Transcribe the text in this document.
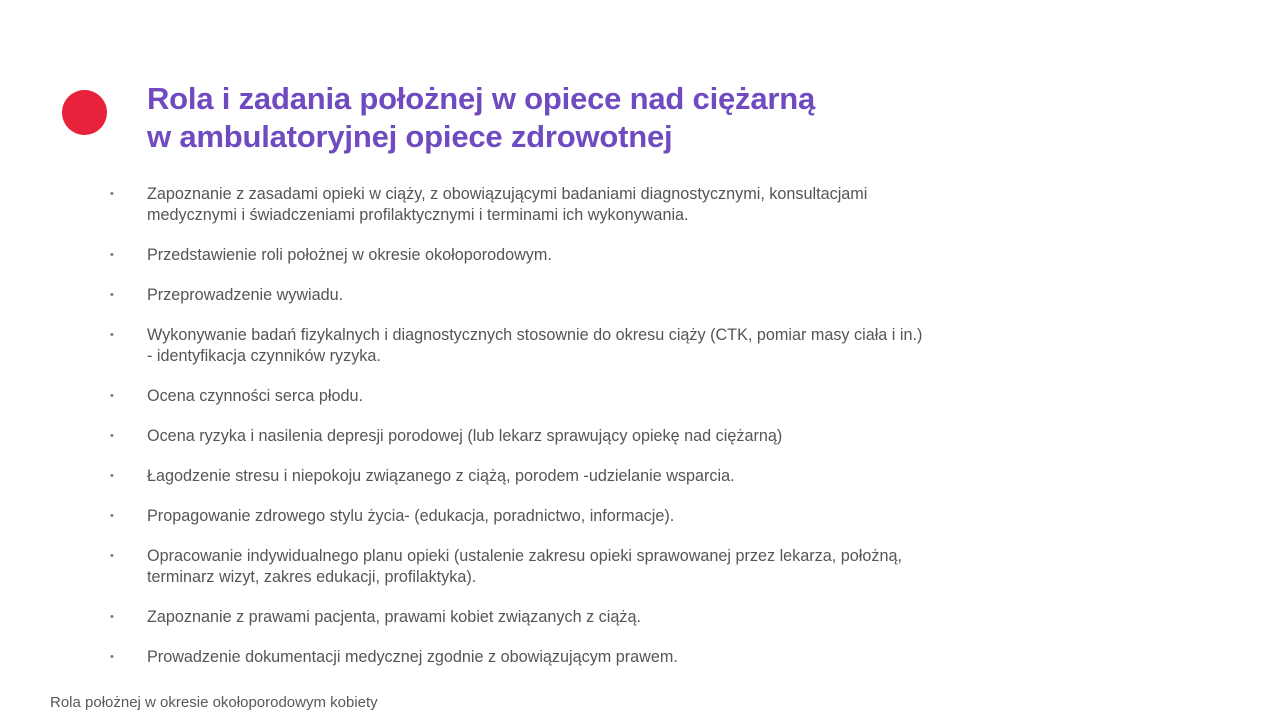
Rola i zadania położnej w opiece nad ciężarną
w ambulatoryjnej opiece zdrowotnej
• Zapoznanie z zasadami opieki w ciąży, z obowiązującymi badaniami diagnostycznymi, konsultacjami
medycznymi i świadczeniami profilaktycznymi i terminami ich wykonywania.
• Przedstawienie roli położnej w okresie okołoporodowym.
• Przeprowadzenie wywiadu.
• Wykonywanie badań fizykalnych i diagnostycznych stosownie do okresu ciąży (CTK, pomiar masy ciała i in.)
- identyfikacja czynników ryzyka.
• Ocena czynności serca płodu.
• Ocena ryzyka i nasilenia depresji porodowej (lub lekarz sprawujący opiekę nad ciężarną)
• Łagodzenie stresu i niepokoju związanego z ciążą, porodem -udzielanie wsparcia.
• Propagowanie zdrowego stylu życia- (edukacja, poradnictwo, informacje).
• Opracowanie indywidualnego planu opieki (ustalenie zakresu opieki sprawowanej przez lekarza, położną,
terminarz wizyt, zakres edukacji, profilaktyka).
• Zapoznanie z prawami pacjenta, prawami kobiet związanych z ciążą.
• Prowadzenie dokumentacji medycznej zgodnie z obowiązującym prawem.
Rola położnej w okresie okołoporodowym kobiety
